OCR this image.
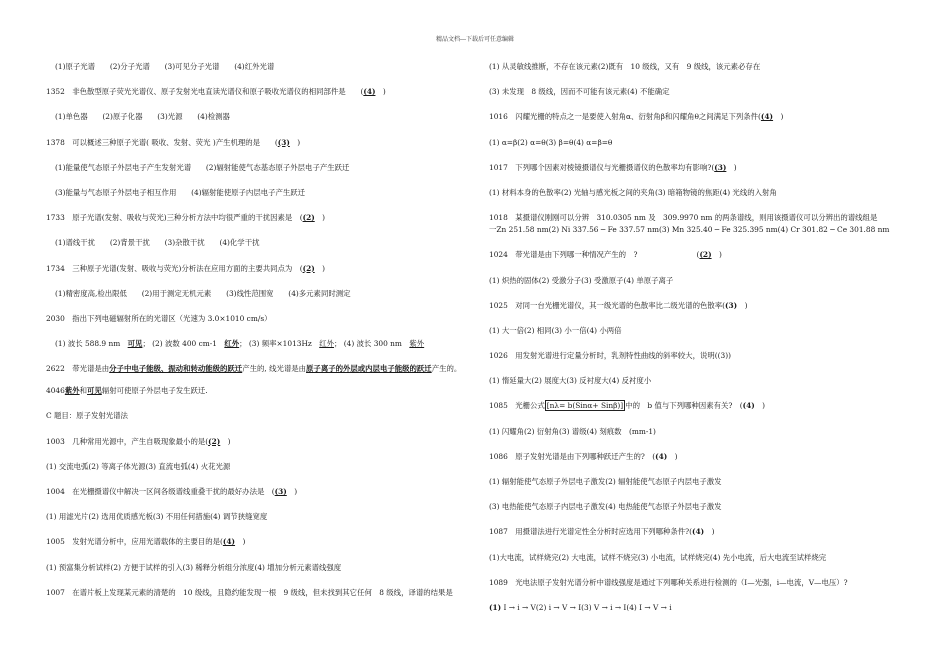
精品文档---下载后可任意编辑
(1)原子光谱　　(2)分子光谱　　(3)可见分子光谱　　(4)红外光谱
1352　非色散型原子荧光光谱仪、原子发射光电直读光谱仪和原子吸收光谱仪的相同部件是　　((4)　 )
(1)单色器　　(2)原子化器　　(3)光源　　(4)检测器
1378　可以概述三种原子光谱( 吸收、发射、荧光 )产生机理的是　　((3)　 )
(1)能量使气态原子外层电子产生发射光谱　　(2)辐射能使气态基态原子外层电子产生跃迁
(3)能量与气态原子外层电子相互作用　　(4)辐射能使原子内层电子产生跃迁
1733　原子光谱(发射、吸收与荧光)三种分析方法中均很严重的干扰因素是　((2)　 )
(1)谱线干扰　　(2)背景干扰　　(3)杂散干扰　　(4)化学干扰
1734　三种原子光谱(发射、吸收与荧光)分析法在应用方面的主要共同点为　((2)　 )
(1)精密度高,检出限低　　(2)用于测定无机元素　　(3)线性范围宽　　(4)多元素同时测定
2030　指出下列电磁辐射所在的光谱区（光速为 3.0×1010 cm/s）
(1) 波长 588.9 nm　 可见； (2) 波数 400 cm-1　 红外； (3) 频率×1013Hz　 红外； (4) 波长 300 nm　 紫外
2622　带光谱是由分子中电子能级、振动和转动能级的跃迁产生的, 线光谱是由原子离子的外层或内层电子能级的跃迁产生的。
4046紫外和可见辐射可使原子外层电子发生跃迁.
C 题目：原子发射光谱法
1003　几种常用光源中，产生自吸现象最小的是((2)　 )
(1) 交流电弧(2) 等离子体光源(3) 直流电弧(4) 火花光源
1004　在光栅摄谱仪中解决一区间各级谱线重叠干扰的最好办法是　((3)　 )
(1) 用滤光片(2) 选用优质感光板(3) 不用任何措施(4) 调节狭缝宽度
1005　发射光谱分析中，应用光谱载体的主要目的是((4)　 )
(1) 预富集分析试样(2) 方便于试样的引入(3) 稀释分析组分浓度(4) 增加分析元素谱线强度
1007　在谱片板上发现某元素的清楚的　10 级线，且隐约能发现一根　9 级线，但未找到其它任何　8 级线，译谱的结果是
(1) 从灵敏线推断，不存在该元素(2)既有　10 级线，又有　9 级线，该元素必存在
(3) 未发现　8 级线，因而不可能有该元素(4) 不能确定
1016　闪耀光栅的特点之一是要使入射角α、衍射角β和闪耀角θ之间满足下列条件((4)　 )
(1) α=β(2) α=θ(3) β=θ(4) α=β=θ
1017　下列哪个因素对棱镜摄谱仪与光栅摄谱仪的色散率均有影响?((3)　 )
(1) 材料本身的色散率(2) 光轴与感光板之间的夹角(3) 暗箱物镜的焦距(4) 光线的入射角
1018　某摄谱仪刚刚可以分辨　310.0305 nm 及　309.9970 nm 的两条谱线，则用该摄谱仪可以分辨出的谱线组是
一Zn 251.58 nm(2) Ni 337.56 ─ Fe 337.57 nm(3) Mn 325.40 ─ Fe 325.395 nm(4) Cr 301.82 ─ Ce 301.88 nm
1024　带光谱是由下列哪一种情况产生的　?　　　　　　　　((2)　 )
(1) 炽热的固体(2) 受激分子(3) 受激原子(4) 单原子离子
1025　对同一台光栅光谱仪，其一级光谱的色散率比二级光谱的色散率((3)　 )
(1) 大一倍(2) 相同(3) 小一倍(4) 小两倍
1026　用发射光谱进行定量分析时，乳剂特性曲线的斜率较大，说明((3))
(1) 惰延量大(2) 展度大(3) 反衬度大(4) 反衬度小
1085　光栅公式 [nλ= b(Sinα+ Sinβ)] 中的　b 值与下列哪种因素有关?　((4)　 )
(1) 闪耀角(2) 衍射角(3) 谱级(4) 刻痕数　(mm-1)
1086　原子发射光谱是由下列哪种跃迁产生的?　((4)　 )
(1) 辐射能使气态原子外层电子激发(2) 辐射能使气态原子内层电子激发
(3) 电热能使气态原子内层电子激发(4) 电热能使气态原子外层电子激发
1087　用摄谱法进行光谱定性全分析时应选用下列哪种条件?((4)　 )
(1)大电流，试样烧完(2) 大电流，试样不烧完(3) 小电流，试样烧完(4) 先小电流，后大电流至试样烧完
1089　光电法原子发射光谱分析中谱线强度是通过下列哪种关系进行检测的（I—光强，i—电流，V—电压）?
(1) I → i → V(2) i → V → I(3) V → i → I(4) I → V → i
